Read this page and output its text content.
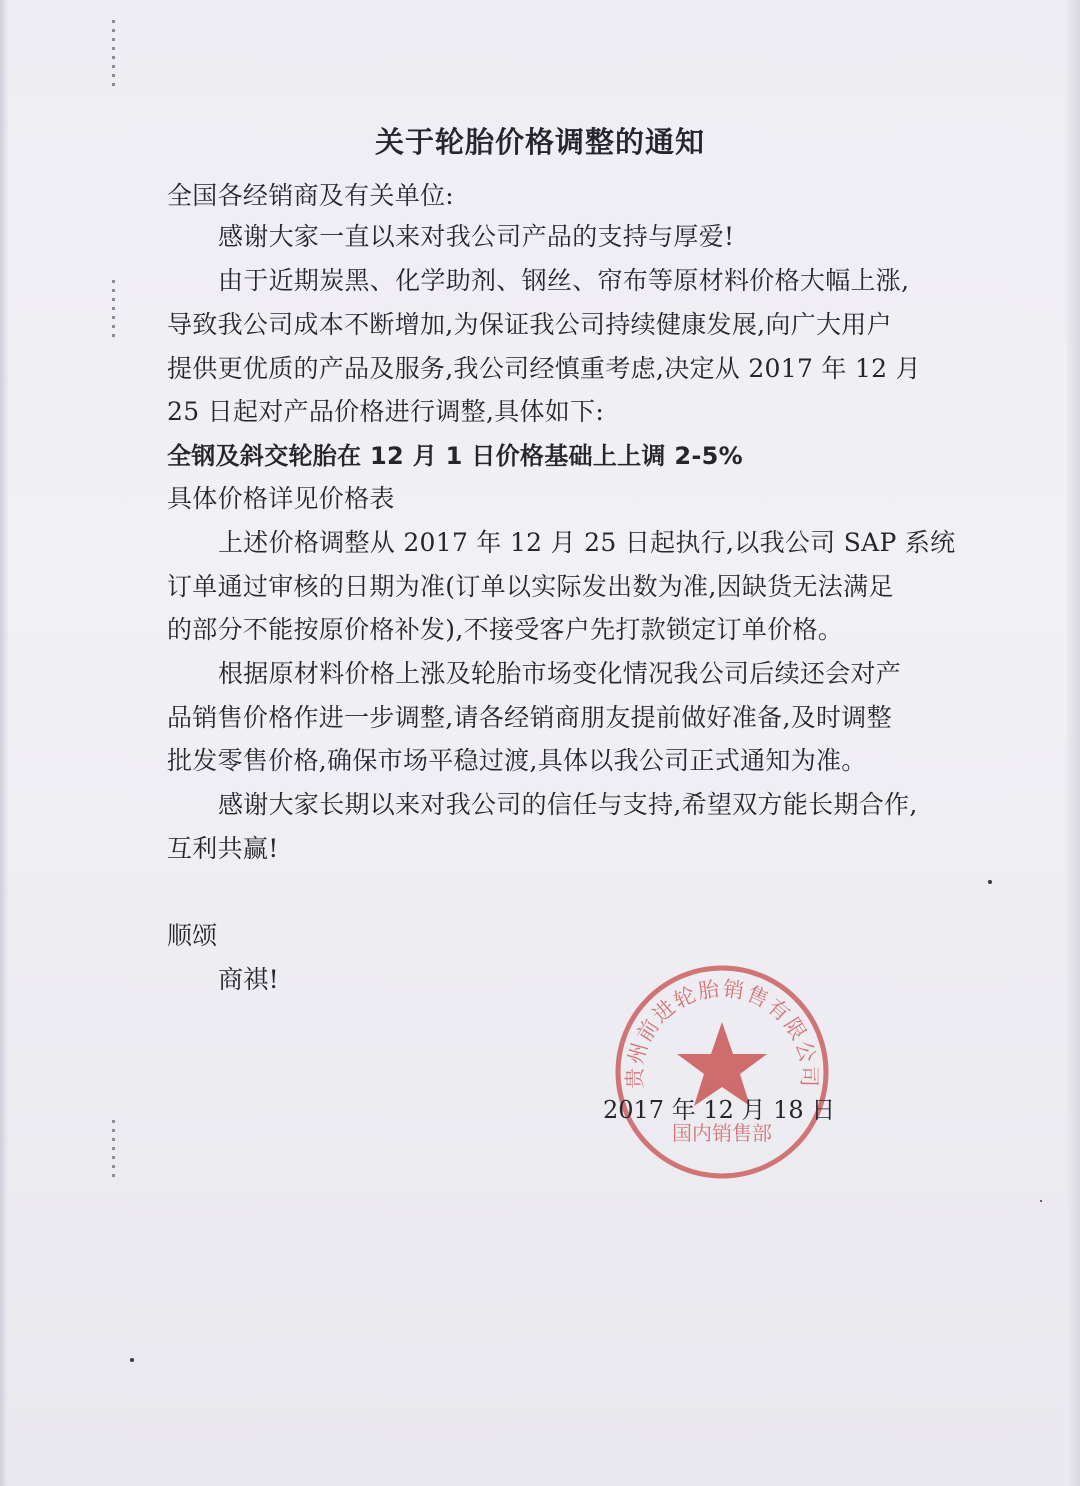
关于轮胎价格调整的通知
全国各经销商及有关单位:
感谢大家一直以来对我公司产品的支持与厚爱!
由于近期炭黑、化学助剂、钢丝、帘布等原材料价格大幅上涨,
导致我公司成本不断增加,为保证我公司持续健康发展,向广大用户
提供更优质的产品及服务,我公司经慎重考虑,决定从 2017 年 12 月
25 日起对产品价格进行调整,具体如下:
全钢及斜交轮胎在 12 月 1 日价格基础上上调 2-5%
具体价格详见价格表
上述价格调整从 2017 年 12 月 25 日起执行,以我公司 SAP 系统
订单通过审核的日期为准(订单以实际发出数为准,因缺货无法满足
的部分不能按原价格补发),不接受客户先打款锁定订单价格。
根据原材料价格上涨及轮胎市场变化情况我公司后续还会对产
品销售价格作进一步调整,请各经销商朋友提前做好准备,及时调整
批发零售价格,确保市场平稳过渡,具体以我公司正式通知为准。
感谢大家长期以来对我公司的信任与支持,希望双方能长期合作,
互利共赢!
顺颂
商祺!
贵州前进轮胎销售有限公司
国内销售部
2017 年 12 月 18 日
